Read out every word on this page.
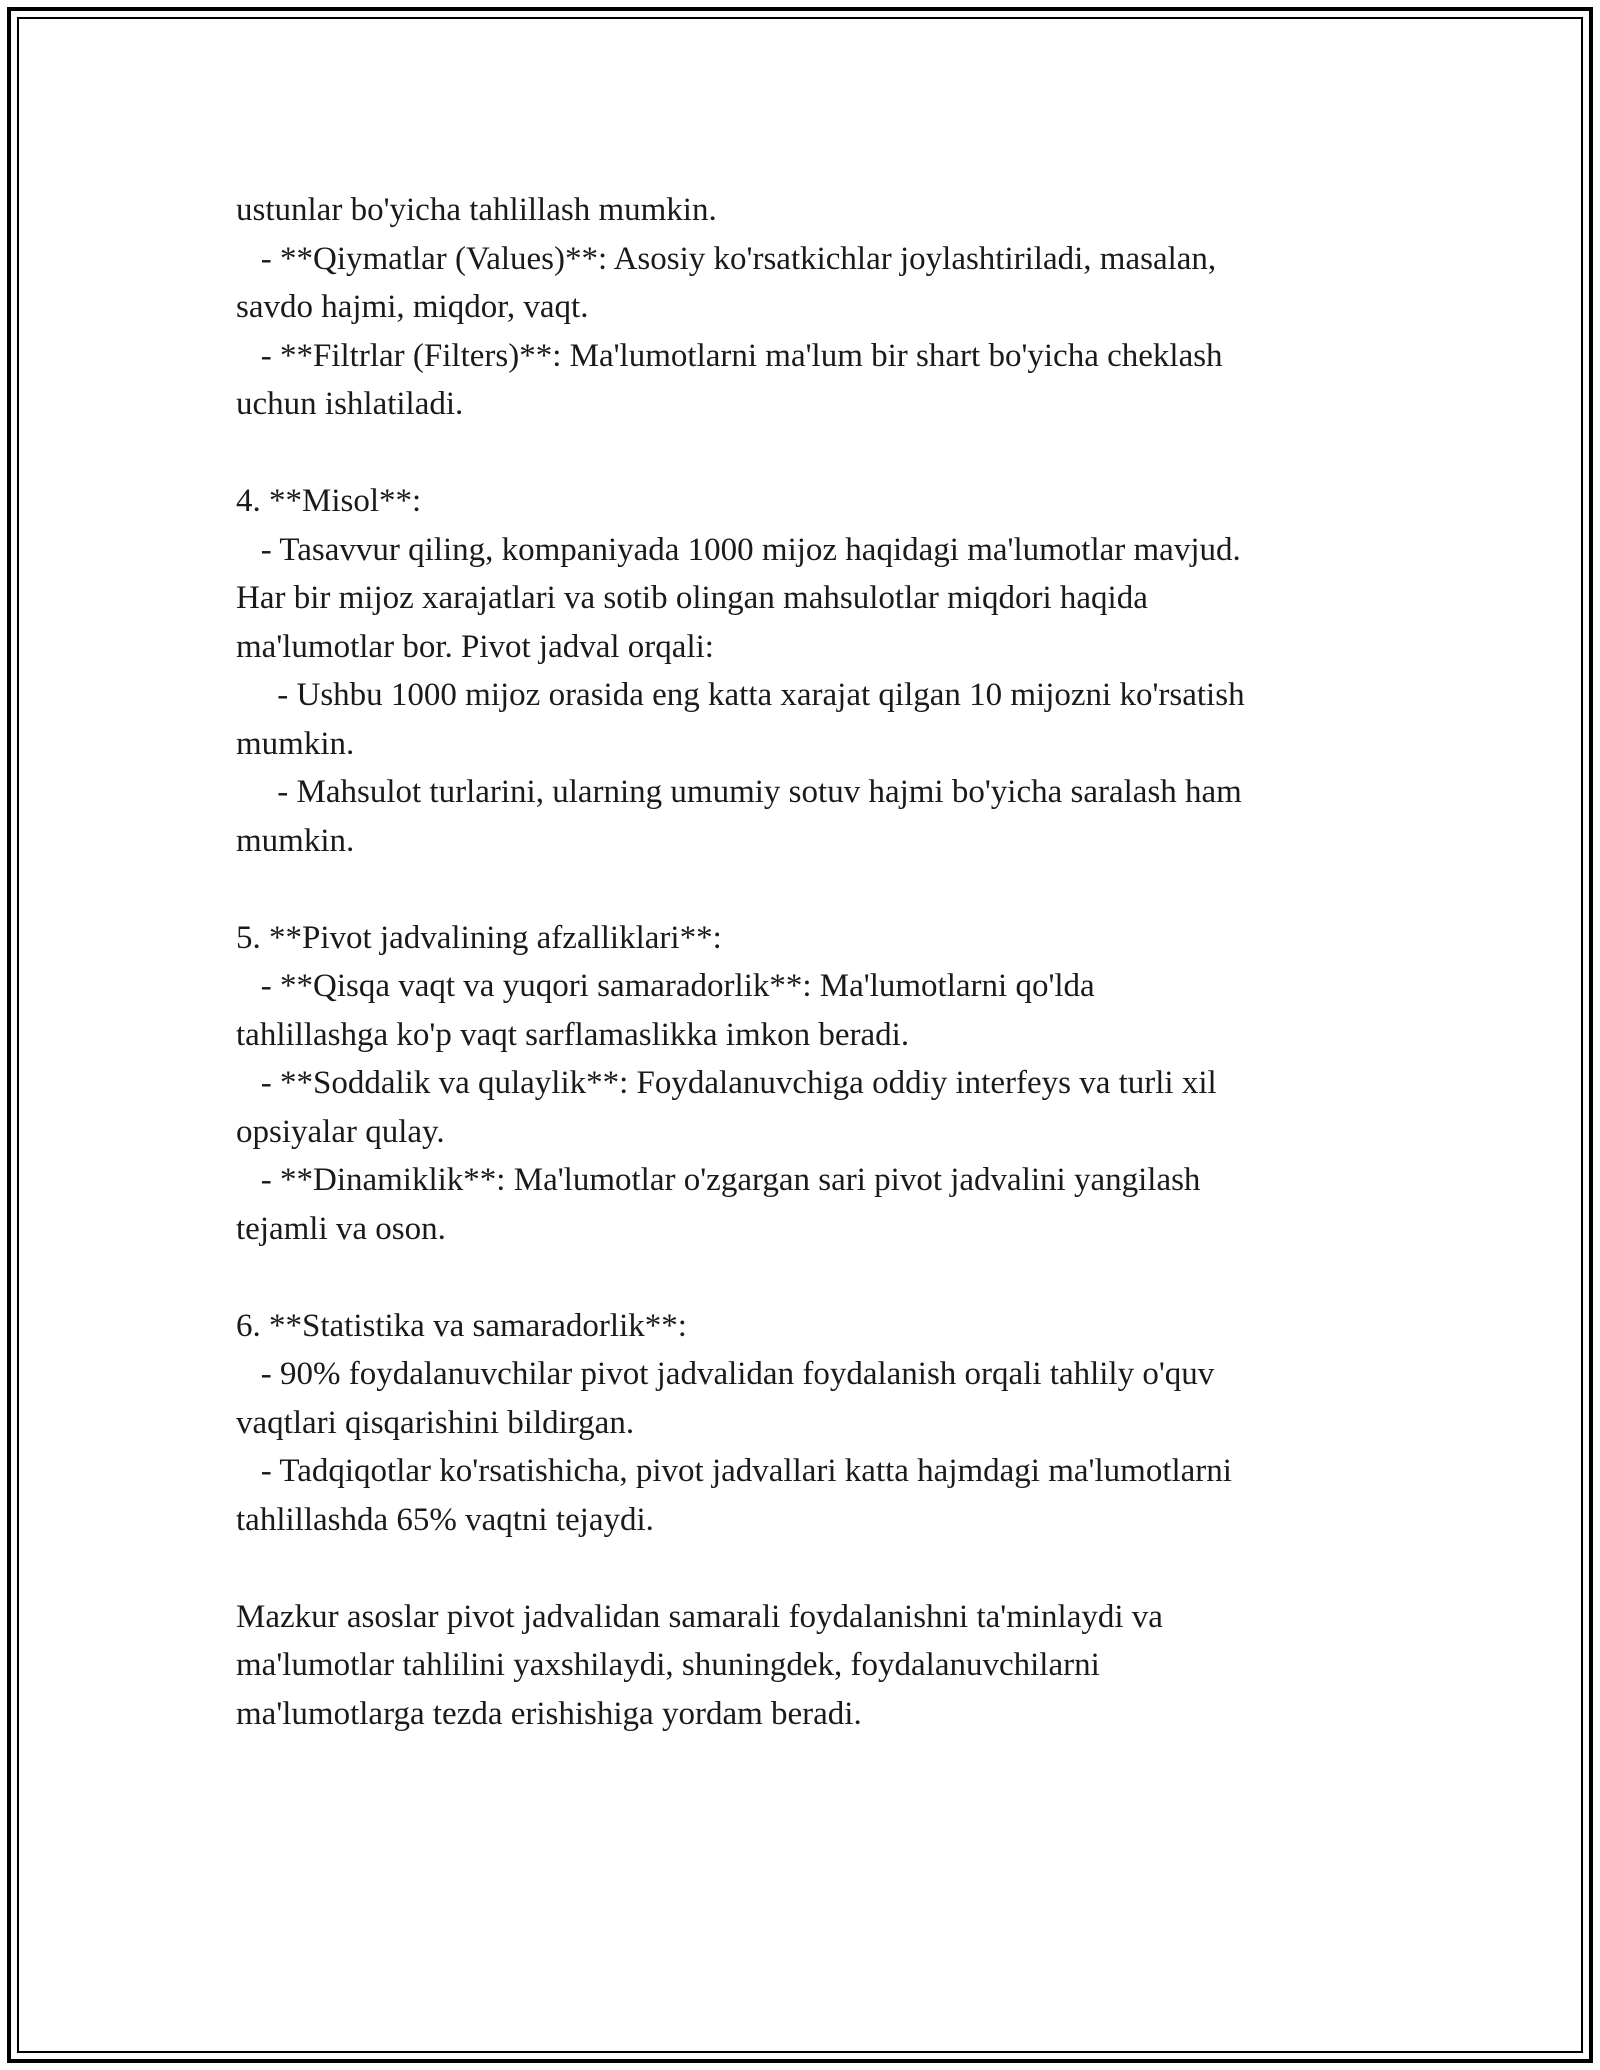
ustunlar bo'yicha tahlillash mumkin.
- **Qiymatlar (Values)**: Asosiy ko'rsatkichlar joylashtiriladi, masalan,
savdo hajmi, miqdor, vaqt.
- **Filtrlar (Filters)**: Ma'lumotlarni ma'lum bir shart bo'yicha cheklash
uchun ishlatiladi.
4. **Misol**:
- Tasavvur qiling, kompaniyada 1000 mijoz haqidagi ma'lumotlar mavjud.
Har bir mijoz xarajatlari va sotib olingan mahsulotlar miqdori haqida
ma'lumotlar bor. Pivot jadval orqali:
- Ushbu 1000 mijoz orasida eng katta xarajat qilgan 10 mijozni ko'rsatish
mumkin.
- Mahsulot turlarini, ularning umumiy sotuv hajmi bo'yicha saralash ham
mumkin.
5. **Pivot jadvalining afzalliklari**:
- **Qisqa vaqt va yuqori samaradorlik**: Ma'lumotlarni qo'lda
tahlillashga ko'p vaqt sarflamaslikka imkon beradi.
- **Soddalik va qulaylik**: Foydalanuvchiga oddiy interfeys va turli xil
opsiyalar qulay.
- **Dinamiklik**: Ma'lumotlar o'zgargan sari pivot jadvalini yangilash
tejamli va oson.
6. **Statistika va samaradorlik**:
- 90% foydalanuvchilar pivot jadvalidan foydalanish orqali tahlily o'quv
vaqtlari qisqarishini bildirgan.
- Tadqiqotlar ko'rsatishicha, pivot jadvallari katta hajmdagi ma'lumotlarni
tahlillashda 65% vaqtni tejaydi.
Mazkur asoslar pivot jadvalidan samarali foydalanishni ta'minlaydi va
ma'lumotlar tahlilini yaxshilaydi, shuningdek, foydalanuvchilarni
ma'lumotlarga tezda erishishiga yordam beradi.
